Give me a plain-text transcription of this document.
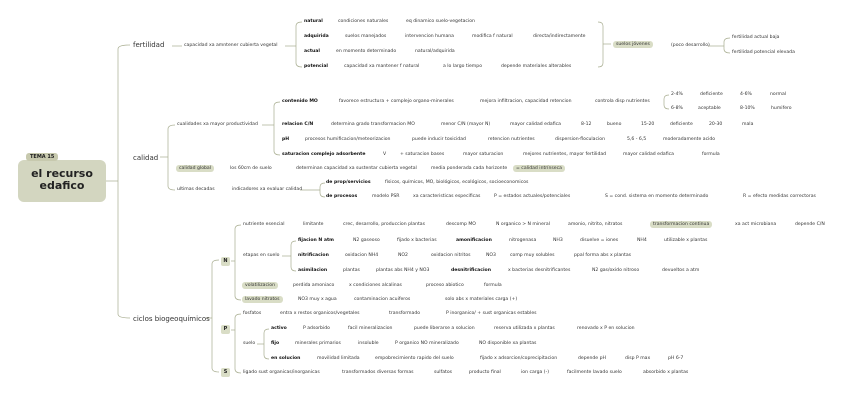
TEMA 15
el recurso edafico
fertilidad
calidad
ciclos biogeoquímicos
capacidad xa amntener cubierta vegetal
natural	condiciones naturales	eq dinamico suelo-vegetacion
adquirida	suelos manejados	intervencion humana	modifica f natural	directa/indirectamente
actual	en momento determinado	natural/adquirida
potencial	capacidad xa mantener f natural	a lo largo tiempo	depende materiales alterables
suelos jóvenes	(poco desarrollo)
fertilidad actual baja
fertilidad potencial elevada
cualidades xa mayor productividad
contenido MO	favorece estructura + complejo organo-minerales	mejora infiltracion, capacidad retencion	controla disp nutrientes
2-4%	deficiente	4-6%	normal
6-8%	aceptable	8-10%	humifero
relacion C/N	determina grado transformacion MO	menor C/N (mayor N)	mayor calidad edafica	8-12	bueno	15-20	deficiente	20-30	mala
pH	procesos humificacion/meteorizacion	puede inducir toxicidad	retencion nutrientes	dispersion-floculacion	5,6 - 6,5	moderadamente acido
saturacion complejo adsorbente	V	+ saturacion bases	mayor saturacion	mejores nutrientes, mayor fertilidad	mayor calidad edafica	formula
calidad global	los 60cm de suelo	determinan capacidad xa sustentar cubierta vegetal	media ponderada cada horizonte	= calidad intrínseca
ultimas decadas	indicadores xa evaluar calidad
de prop/servicios	físicos, químicos, MO, biológicos, ecológicos, socioeconomicos
de procesos	modelo PSR	xa caracteristicas especificas	P = estados actuales/potenciales	S = cond. sistema en momento determinado	R = efecto medidas correctoras
N
P
S
nutriente esencial	limitante	crec, desarrollo, produccion plantas	descomp MO	N organico > N mineral	amonio, nitrito, nitratos	transformacion continua	xa act microbiana	depende C/N
etapas en suelo
fijacion N atm	N2 gaseoso	fijado x bacterias	amonificacion	nitrogenasa	NH3	disuelve = iones	NH4	utilizable x plantas
nitrificacion	oxidacion NH4	NO2	oxidacion nitritos	NO3	comp muy solubles	ppal forma abs x plantas
asimilacion	plantas	plantas abs NH4 y NO3	desnitrificacion	x bacterias desnitrificantes	N2 gas/oxido nitroso	devueltos a atm
volatilizacion	perdida amoniaco	x condiciones alcalinas	proceso abiotico	formula
lavado nitratos	NO3 muy x agua	contaminacion acuiferos	solo abs x materiales carga (+)
fosfatos	entra x restos organicos/vegetales	transformado	P inorganico/ + sust organicas estables
suelo
activo	P adsorbido	facil mineralizacion	puede liberarse a solucion	reserva utilizada x plantas	renovado x P en solucion
fijo	minerales primarios	insoluble	P organico NO mineralizado	NO disponible xa plantas
en solucion	movilidad limitada	empobrecimiento rapido del suelo	fijado x adsorcion/coprecipitacion	depende pH	disp P max	pH 6-7
ligado sust organicas/inorganicas	transformados diversas formas	sulfatos	producto final	ion carga (-)	facilmente lavado suelo	absorbido x plantas
